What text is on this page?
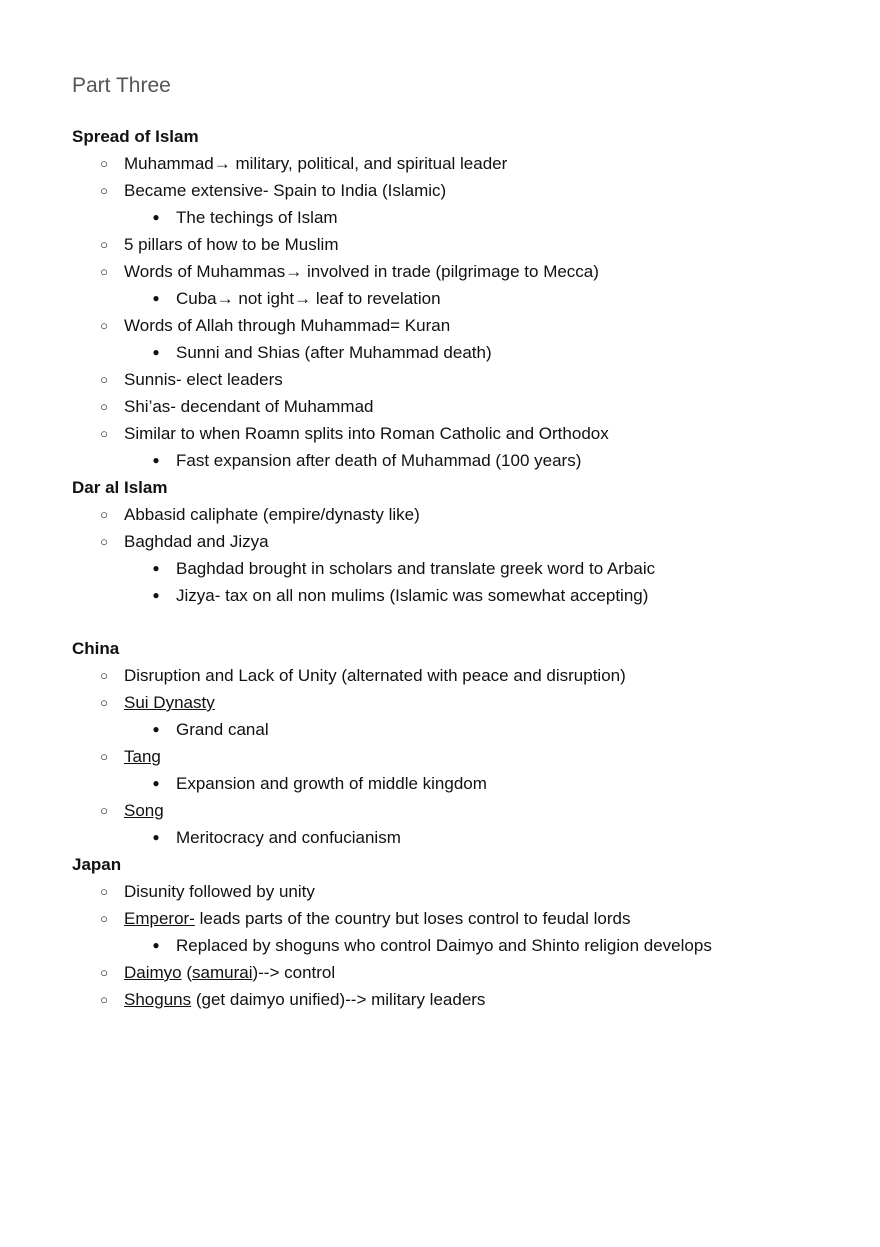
Part Three
Spread of Islam
○ Muhammad→ military, political, and spiritual leader
○ Became extensive- Spain to India (Islamic)
● The techings of Islam
○ 5 pillars of how to be Muslim
○ Words of Muhammas→ involved in trade (pilgrimage to Mecca)
● Cuba→ not ight→ leaf to revelation
○ Words of Allah through Muhammad= Kuran
● Sunni and Shias (after Muhammad death)
○ Sunnis- elect leaders
○ Shi’as- decendant of Muhammad
○ Similar to when Roamn splits into Roman Catholic and Orthodox
● Fast expansion after death of Muhammad (100 years)
Dar al Islam
○ Abbasid caliphate (empire/dynasty like)
○ Baghdad and Jizya
● Baghdad brought in scholars and translate greek word to Arbaic
● Jizya- tax on all non mulims (Islamic was somewhat accepting)
China
○ Disruption and Lack of Unity (alternated with peace and disruption)
○ Sui Dynasty
● Grand canal
○ Tang
● Expansion and growth of middle kingdom
○ Song
● Meritocracy and confucianism
Japan
○ Disunity followed by unity
○ Emperor- leads parts of the country but loses control to feudal lords
● Replaced by shoguns who control Daimyo and Shinto religion develops
○ Daimyo (samurai)--> control
○ Shoguns (get daimyo unified)--> military leaders
